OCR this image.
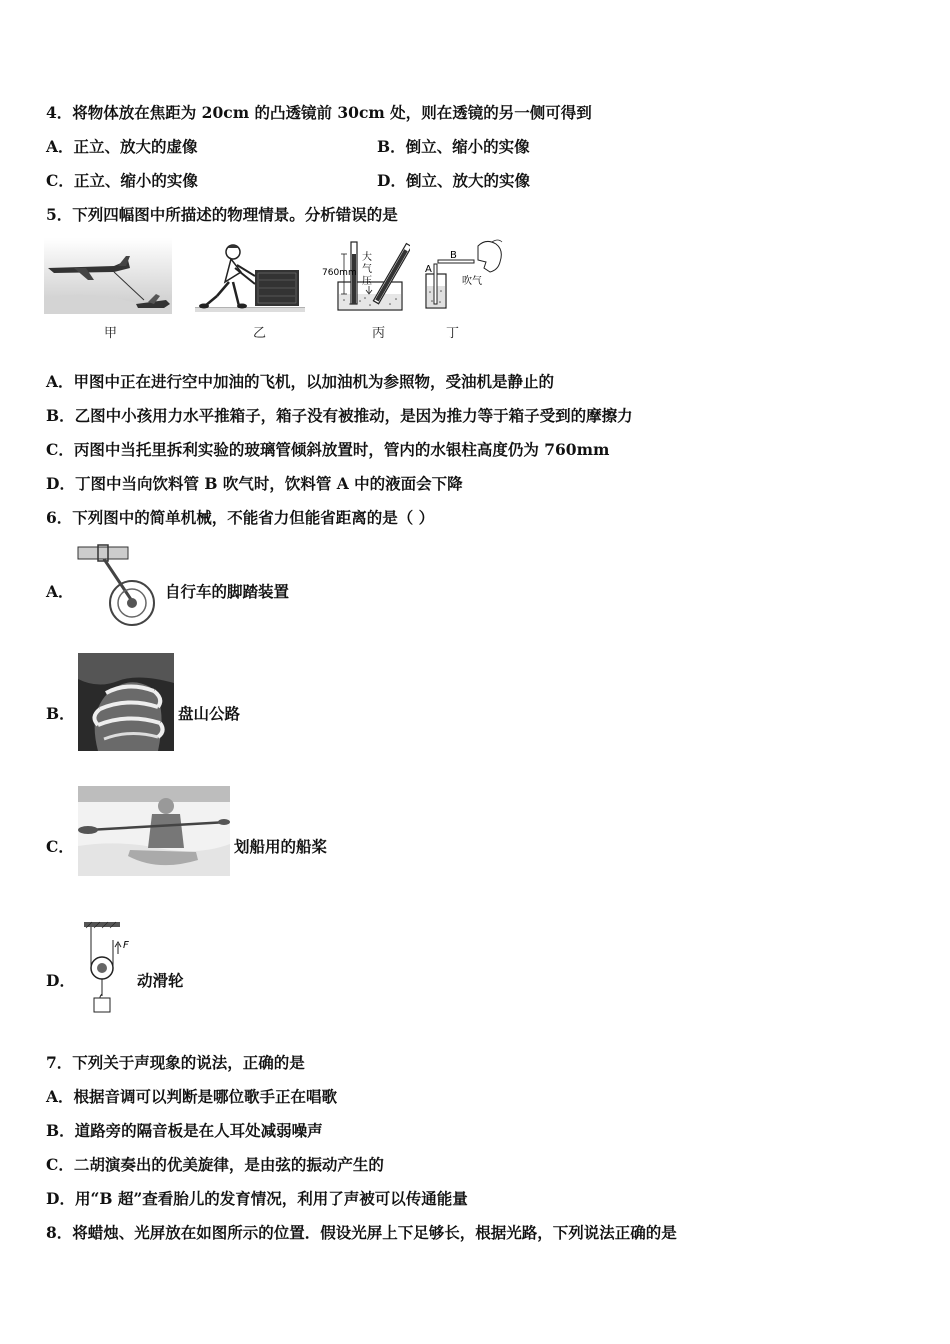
4．将物体放在焦距为 20cm 的凸透镜前 30cm 处，则在透镜的另一侧可得到
A．正立、放大的虚像	B．倒立、缩小的实像
C．正立、缩小的实像	D．倒立、放大的实像
5．下列四幅图中所描述的物理情景。分析错误的是
760mm
大
气
压
A
B
吹气
甲	乙	丙	丁
A．甲图中正在进行空中加油的飞机，以加油机为参照物，受油机是静止的
B．乙图中小孩用力水平推箱子，箱子没有被推动，是因为推力等于箱子受到的摩擦力
C．丙图中当托里拆利实验的玻璃管倾斜放置时，管内的水银柱高度仍为 760mm
D．丁图中当向饮料管 B 吹气时，饮料管 A 中的液面会下降
6．下列图中的简单机械，不能省力但能省距离的是（ ）
A．	自行车的脚踏装置
B．	盘山公路
C．	划船用的船桨
D．
F
动滑轮
7．下列关于声现象的说法，正确的是
A．根据音调可以判断是哪位歌手正在唱歌
B．道路旁的隔音板是在人耳处减弱噪声
C．二胡演奏出的优美旋律，是由弦的振动产生的
D．用“B 超”查看胎儿的发育情况，利用了声被可以传通能量
8．将蜡烛、光屏放在如图所示的位置．假设光屏上下足够长，根据光路，下列说法正确的是
